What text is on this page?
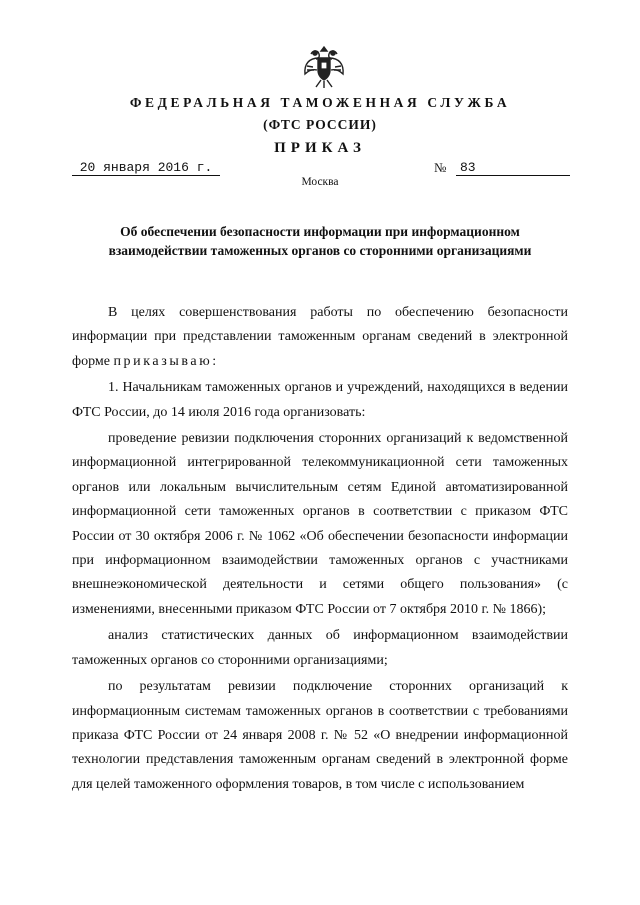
ФЕДЕРАЛЬНАЯ ТАМОЖЕННАЯ СЛУЖБА
(ФТС РОССИИ)
ПРИКАЗ
20 января 2016 г.	№	83
Москва
Об обеспечении безопасности информации при информационном взаимодействии таможенных органов со сторонними организациями

В целях совершенствования работы по обеспечению безопасности информации при представлении таможенным органам сведений в электронной форме приказываю:

1. Начальникам таможенных органов и учреждений, находящихся в ведении ФТС России, до 14 июля 2016 года организовать:

проведение ревизии подключения сторонних организаций к ведомственной информационной интегрированной телекоммуникационной сети таможенных органов или локальным вычислительным сетям Единой автоматизированной информационной сети таможенных органов в соответствии с приказом ФТС России от 30 октября 2006 г. № 1062 «Об обеспечении безопасности информации при информационном взаимодействии таможенных органов с участниками внешнеэкономической деятельности и сетями общего пользования» (с изменениями, внесенными приказом ФТС России от 7 октября 2010 г. № 1866);

анализ статистических данных об информационном взаимодействии таможенных органов со сторонними организациями;

по результатам ревизии подключение сторонних организаций к информационным системам таможенных органов в соответствии с требованиями приказа ФТС России от 24 января 2008 г. № 52 «О внедрении информационной технологии представления таможенным органам сведений в электронной форме для целей таможенного оформления товаров, в том числе с использованием
